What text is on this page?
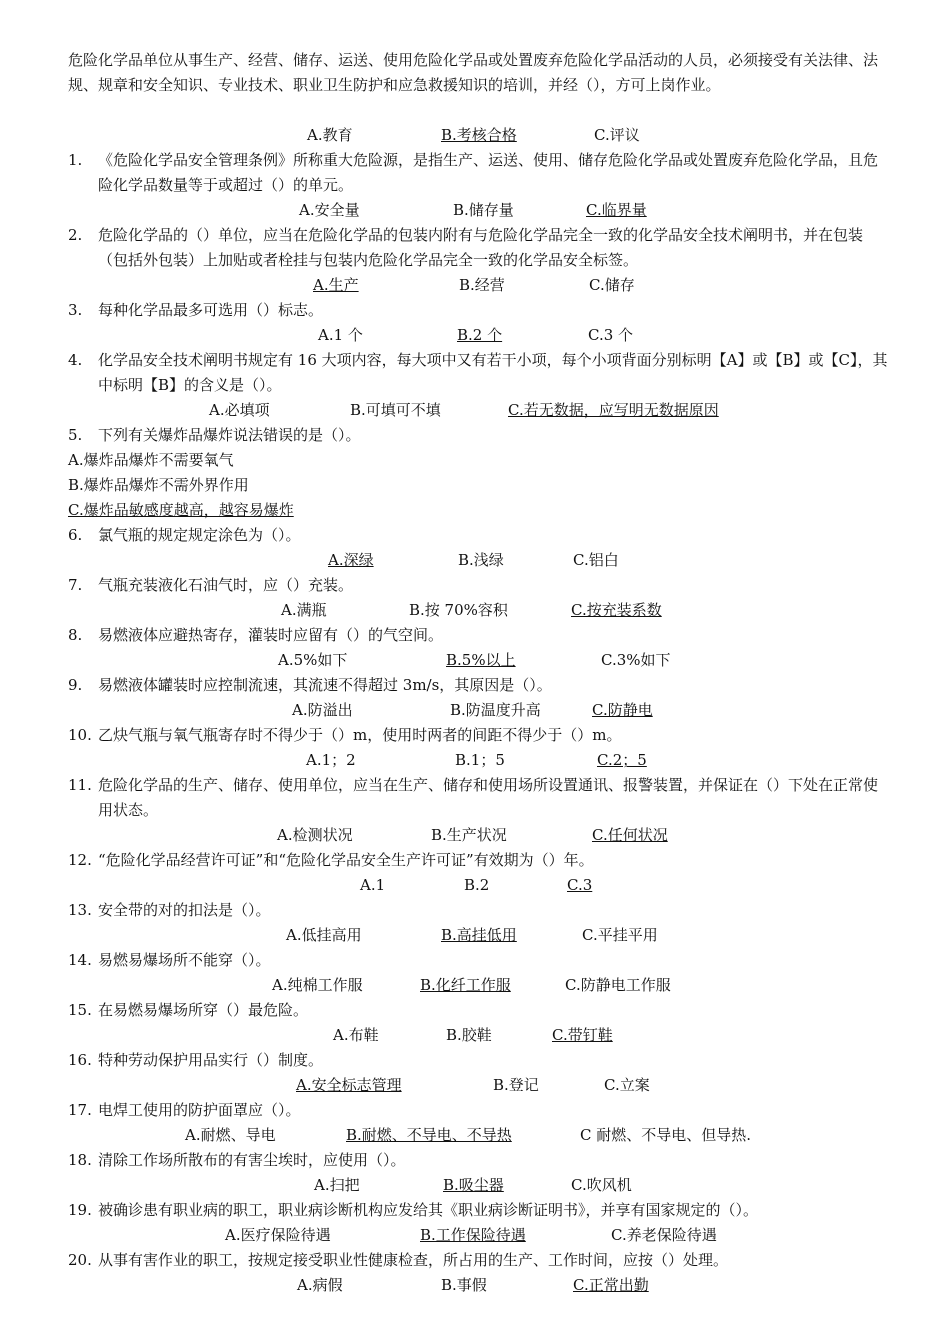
危险化学品单位从事生产、经营、储存、运送、使用危险化学品或处置废弃危险化学品活动的人员，必须接受有关法律、法规、规章和安全知识、专业技术、职业卫生防护和应急救援知识的培训，并经（），方可上岗作业。

A.教育	B.考核合格	C.评议
1. 《危险化学品安全管理条例》所称重大危险源，是指生产、运送、使用、储存危险化学品或处置废弃危险化学品，且危险化学品数量等于或超过（）的单元。
A.安全量	B.储存量	C.临界量
2. 危险化学品的（）单位，应当在危险化学品的包装内附有与危险化学品完全一致的化学品安全技术阐明书，并在包装（包括外包装）上加贴或者栓挂与包装内危险化学品完全一致的化学品安全标签。
A.生产	B.经营	C.储存
3. 每种化学品最多可选用（）标志。
A.1 个	B.2 个	C.3 个
4. 化学品安全技术阐明书规定有 16 大项内容，每大项中又有若干小项，每个小项背面分别标明【A】或【B】或【C】，其中标明【B】的含义是（）。
A.必填项	B.可填可不填	C.若无数据，应写明无数据原因
5. 下列有关爆炸品爆炸说法错误的是（）。
A.爆炸品爆炸不需要氧气
B.爆炸品爆炸不需外界作用
C.爆炸品敏感度越高，越容易爆炸
6. 氯气瓶的规定规定涂色为（）。
A.深绿	B.浅绿	C.铝白
7. 气瓶充装液化石油气时，应（）充装。
A.满瓶	B.按 70%容积	C.按充装系数
8. 易燃液体应避热寄存，灌装时应留有（）的气空间。
A.5%如下	B.5%以上	C.3%如下
9. 易燃液体罐装时应控制流速，其流速不得超过 3m/s，其原因是（）。
A.防溢出	B.防温度升高	C.防静电
10. 乙炔气瓶与氧气瓶寄存时不得少于（）m，使用时两者的间距不得少于（）m。
A.1；2	B.1；5	C.2；5
11. 危险化学品的生产、储存、使用单位，应当在生产、储存和使用场所设置通讯、报警装置，并保证在（）下处在正常使用状态。
A.检测状况	B.生产状况	C.任何状况
12. “危险化学品经营许可证”和“危险化学品安全生产许可证”有效期为（）年。
A.1	B.2	C.3
13. 安全带的对的扣法是（）。
A.低挂高用	B.高挂低用	C.平挂平用
14. 易燃易爆场所不能穿（）。
A.纯棉工作服	B.化纤工作服	C.防静电工作服
15. 在易燃易爆场所穿（）最危险。
A.布鞋	B.胶鞋	C.带钉鞋
16. 特种劳动保护用品实行（）制度。
A.安全标志管理	B.登记	C.立案
17. 电焊工使用的防护面罩应（）。
A.耐燃、导电	B.耐燃、不导电、不导热	C 耐燃、不导电、但导热.
18. 清除工作场所散布的有害尘埃时，应使用（）。
A.扫把	B.吸尘器	C.吹风机
19. 被确诊患有职业病的职工，职业病诊断机构应发给其《职业病诊断证明书》，并享有国家规定的（）。
A.医疗保险待遇	B.工作保险待遇	C.养老保险待遇
20. 从事有害作业的职工，按规定接受职业性健康检查，所占用的生产、工作时间，应按（）处理。
A.病假	B.事假	C.正常出勤
